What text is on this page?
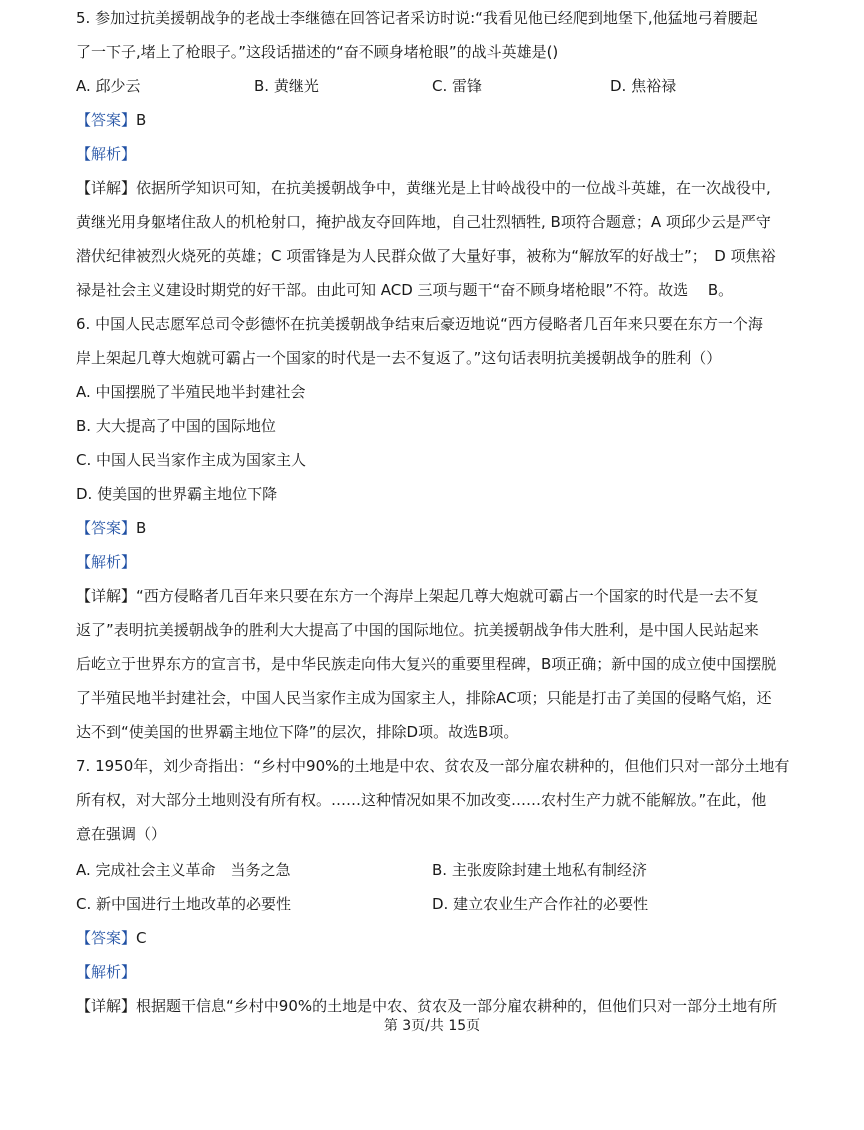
5. 参加过抗美援朝战争的老战士李继德在回答记者采访时说:“我看见他已经爬到地堡下,他猛地弓着腰起
了一下子,堵上了枪眼子。”这段话描述的“奋不顾身堵枪眼”的战斗英雄是()
A. 邱少云	B. 黄继光	C. 雷锋	D. 焦裕禄
【答案】B
【解析】
【详解】依据所学知识可知，在抗美援朝战争中，黄继光是上甘岭战役中的一位战斗英雄，在一次战役中,
黄继光用身躯堵住敌人的机枪射口，掩护战友夺回阵地，自己壮烈牺牲, B项符合题意；A 项邱少云是严守
潜伏纪律被烈火烧死的英雄；C 项雷锋是为人民群众做了大量好事，被称为“解放军的好战士”；　D 项焦裕
禄是社会主义建设时期党的好干部。由此可知 ACD 三项与题干“奋不顾身堵枪眼”不符。故选　 B。
6. 中国人民志愿军总司令彭德怀在抗美援朝战争结束后豪迈地说“西方侵略者几百年来只要在东方一个海
岸上架起几尊大炮就可霸占一个国家的时代是一去不复返了。”这句话表明抗美援朝战争的胜利（）
A. 中国摆脱了半殖民地半封建社会
B. 大大提高了中国的国际地位
C. 中国人民当家作主成为国家主人
D. 使美国的世界霸主地位下降
【答案】B
【解析】
【详解】“西方侵略者几百年来只要在东方一个海岸上架起几尊大炮就可霸占一个国家的时代是一去不复
返了”表明抗美援朝战争的胜利大大提高了中国的国际地位。抗美援朝战争伟大胜利，是中国人民站起来
后屹立于世界东方的宣言书，是中华民族走向伟大复兴的重要里程碑，B项正确；新中国的成立使中国摆脱
了半殖民地半封建社会，中国人民当家作主成为国家主人，排除AC项；只能是打击了美国的侵略气焰，还
达不到“使美国的世界霸主地位下降”的层次，排除D项。故选B项。
7. 1950年，刘少奇指出：“乡村中90%的土地是中农、贫农及一部分雇农耕种的，但他们只对一部分土地有
所有权，对大部分土地则没有所有权。……这种情况如果不加改变……农村生产力就不能解放。”在此，他
意在强调（）
A. 完成社会主义革命　当务之急	B. 主张废除封建土地私有制经济
C. 新中国进行土地改革的必要性	D. 建立农业生产合作社的必要性
【答案】C
【解析】
【详解】根据题干信息“乡村中90%的土地是中农、贫农及一部分雇农耕种的，但他们只对一部分土地有所
第 3页/共 15页
